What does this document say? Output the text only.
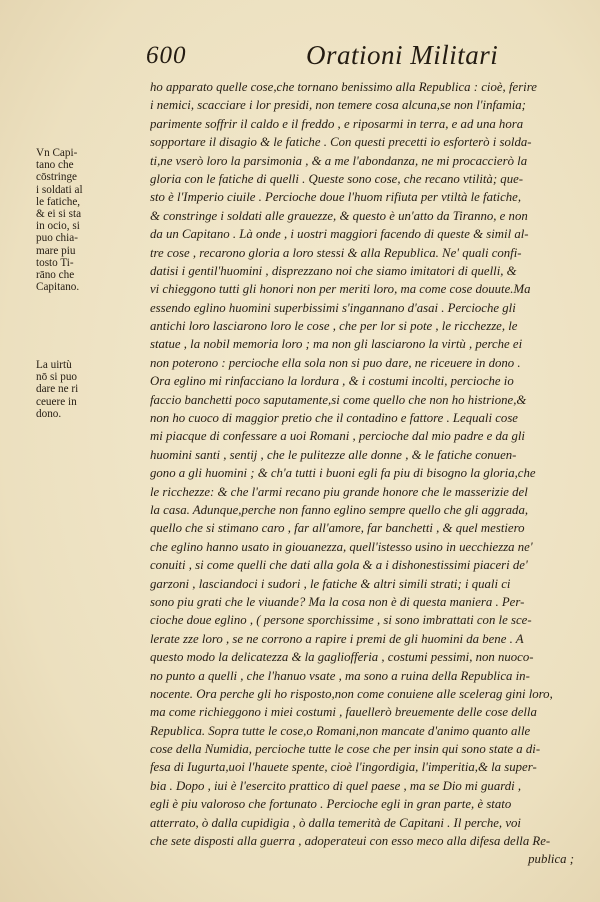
600	Orationi Militari
Vn Capi-
tano che
cōstringe
i soldati al
le fatiche,
& ei si sta
in ocio, si
puo chia-
mare piu
tosto Ti-
rāno che
Capitano.
La uirtù
nō si puo
dare ne ri
ceuere in
dono.
ho apparato quelle cose,che tornano benissimo alla Republica : cioè, ferire
i nemici, scacciare i lor presidi, non temere cosa alcuna,se non l'infamia;
parimente soffrir il caldo e il freddo , e riposarmi in terra, e ad una hora
sopportare il disagio & le fatiche . Con questi precetti io esforterò i solda-
ti,ne vserò loro la parsimonia , & a me l'abondanza, ne mi procaccierò la
gloria con le fatiche di quelli . Queste sono cose, che recano vtilità; que-
sto è l'Imperio ciuile . Percioche doue l'huom rifiuta per vtiltà le fatiche,
& constringe i soldati alle grauezze, & questo è un'atto da Tiranno, e non
da un Capitano . Là onde , i uostri maggiori facendo di queste & simil al-
tre cose , recarono gloria a loro stessi & alla Republica. Ne' quali confi-
datisi i gentil'huomini , disprezzano noi che siamo imitatori di quelli, &
vi chieggono tutti gli honori non per meriti loro, ma come cose douute.Ma
essendo eglino huomini superbissimi s'ingannano d'asai . Percioche gli
antichi loro lasciarono loro le cose , che per lor si pote , le ricchezze, le
statue , la nobil memoria loro ; ma non gli lasciarono la virtù , perche ei
non poterono : percioche ella sola non si puo dare, ne riceuere in dono .
Ora eglino mi rinfacciano la lordura , & i costumi incolti, percioche io
faccio banchetti poco saputamente,si come quello che non ho histrione,&
non ho cuoco di maggior pretio che il contadino e fattore . Lequali cose
mi piacque di confessare a uoi Romani , percioche dal mio padre e da gli
huomini santi , sentij , che le pulitezze alle donne , & le fatiche conuen-
gono a gli huomini ; & ch'a tutti i buoni egli fa piu di bisogno la gloria,che
le ricchezze: & che l'armi recano piu grande honore che le masserizie del
la casa. Adunque,perche non fanno eglino sempre quello che gli aggrada,
quello che si stimano caro , far all'amore, far banchetti , & quel mestiero
che eglino hanno usato in giouanezza, quell'istesso usino in uecchiezza ne'
conuiti , si come quelli che dati alla gola & a i dishonestissimi piaceri de'
garzoni , lasciandoci i sudori , le fatiche & altri simili strati; i quali ci
sono piu grati che le viuande? Ma la cosa non è di questa maniera . Per-
cioche doue eglino , ( persone sporchissime , si sono imbrattati con le sce-
lerate zze loro , se ne corrono a rapire i premi de gli huomini da bene . A
questo modo la delicatezza & la gagliofferia , costumi pessimi, non nuoco-
no punto a quelli , che l'hanuo vsate , ma sono a ruina della Republica in-
nocente. Ora perche gli ho risposto,non come conuiene alle scelerag gini loro,
ma come richieggono i miei costumi , fauellerò breuemente delle cose della
Republica. Sopra tutte le cose,o Romani,non mancate d'animo quanto alle
cose della Numidia, percioche tutte le cose che per insin qui sono state a di-
fesa di Iugurta,uoi l'hauete spente, cioè l'ingordigia, l'imperitia,& la super-
bia . Dopo , iui è l'esercito prattico di quel paese , ma se Dio mi guardi ,
egli è piu valoroso che fortunato . Percioche egli in gran parte, è stato
atterrato, ò dalla cupidigia , ò dalla temerità de Capitani . Il perche, voi
che sete disposti alla guerra , adoperateui con esso meco alla difesa della Re-
publica ;
